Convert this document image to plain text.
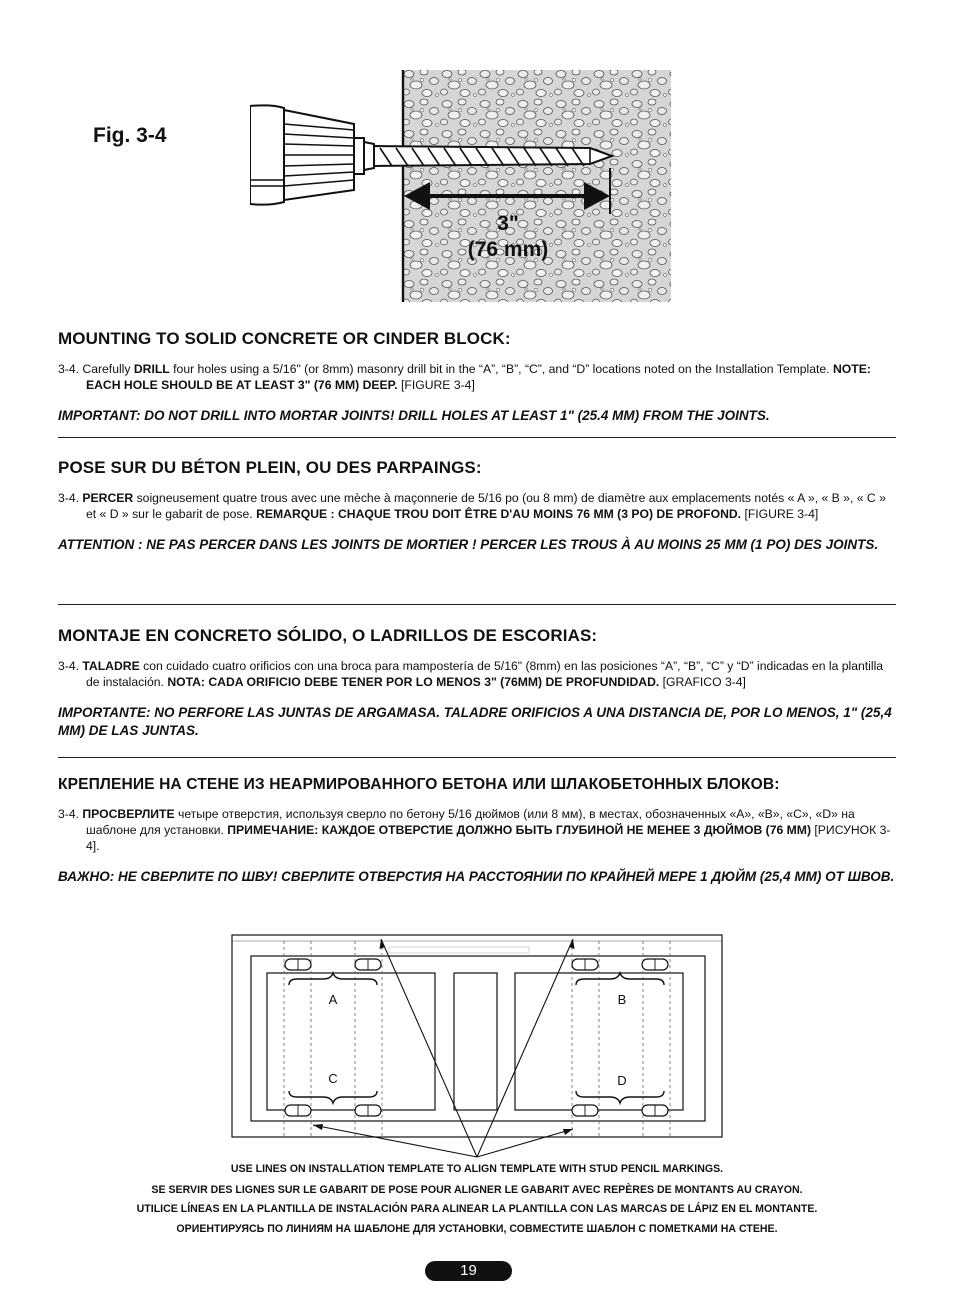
Fig. 3-4
3"
(76 mm)
MOUNTING TO SOLID CONCRETE OR CINDER BLOCK:

3-4. Carefully DRILL four holes using a 5/16" (or 8mm) masonry drill bit in the “A”, “B”, “C”, and “D” locations noted on the Installation Template. NOTE: EACH HOLE SHOULD BE AT LEAST 3" (76 MM) DEEP. [FIGURE 3-4]

IMPORTANT: DO NOT DRILL INTO MORTAR JOINTS! DRILL HOLES AT LEAST 1" (25.4 MM) FROM THE JOINTS.

POSE SUR DU BÉTON PLEIN, OU DES PARPAINGS:

3-4. PERCER soigneusement quatre trous avec une mèche à maçonnerie de 5/16 po (ou 8 mm) de diamètre aux emplacements notés « A », « B », « C » et « D » sur le gabarit de pose. REMARQUE : CHAQUE TROU DOIT ÊTRE D'AU MOINS 76 MM (3 PO) DE PROFOND. [FIGURE 3-4]

ATTENTION : NE PAS PERCER DANS LES JOINTS DE MORTIER ! PERCER LES TROUS À AU MOINS 25 MM (1 PO) DES JOINTS.

MONTAJE EN CONCRETO SÓLIDO, O LADRILLOS DE ESCORIAS:

3-4. TALADRE con cuidado cuatro orificios con una broca para mampostería de 5/16" (8mm) en las posiciones “A”, “B”, “C” y “D” indicadas en la plantilla de instalación. NOTA: CADA ORIFICIO DEBE TENER POR LO MENOS 3" (76MM) DE PROFUNDIDAD. [GRAFICO 3-4]

IMPORTANTE: NO PERFORE LAS JUNTAS DE ARGAMASA. TALADRE ORIFICIOS A UNA DISTANCIA DE, POR LO MENOS, 1" (25,4 MM) DE LAS JUNTAS.

КРЕПЛЕНИЕ НА СТЕНЕ ИЗ НЕАРМИРОВАННОГО БЕТОНА ИЛИ ШЛАКОБЕТОННЫХ БЛОКОВ:

3-4. ПРОСВЕРЛИТЕ четыре отверстия, используя сверло по бетону 5/16 дюймов (или 8 мм), в местах, обозначенных «A», «B», «C», «D» на шаблоне для установки. ПРИМЕЧАНИЕ: КАЖДОЕ ОТВЕРСТИЕ ДОЛЖНО БЫТЬ ГЛУБИНОЙ НЕ МЕНЕЕ 3 ДЮЙМОВ (76 ММ) [РИСУНОК 3-4].

ВАЖНО: НЕ СВЕРЛИТЕ ПО ШВУ! СВЕРЛИТЕ ОТВЕРСТИЯ НА РАССТОЯНИИ ПО КРАЙНЕЙ МЕРЕ 1 ДЮЙМ (25,4 ММ) ОТ ШВОВ.

A	B
C	D
USE LINES ON INSTALLATION TEMPLATE TO ALIGN TEMPLATE WITH STUD PENCIL MARKINGS.
SE SERVIR DES LIGNES SUR LE GABARIT DE POSE POUR ALIGNER LE GABARIT AVEC REPÈRES DE MONTANTS AU CRAYON.
UTILICE LÍNEAS EN LA PLANTILLA DE INSTALACIÓN PARA ALINEAR LA PLANTILLA CON LAS MARCAS DE LÁPIZ EN EL MONTANTE.
ОРИЕНТИРУЯСЬ ПО ЛИНИЯМ НА ШАБЛОНЕ ДЛЯ УСТАНОВКИ, СОВМЕСТИТЕ ШАБЛОН С ПОМЕТКАМИ НА СТЕНЕ.
19
